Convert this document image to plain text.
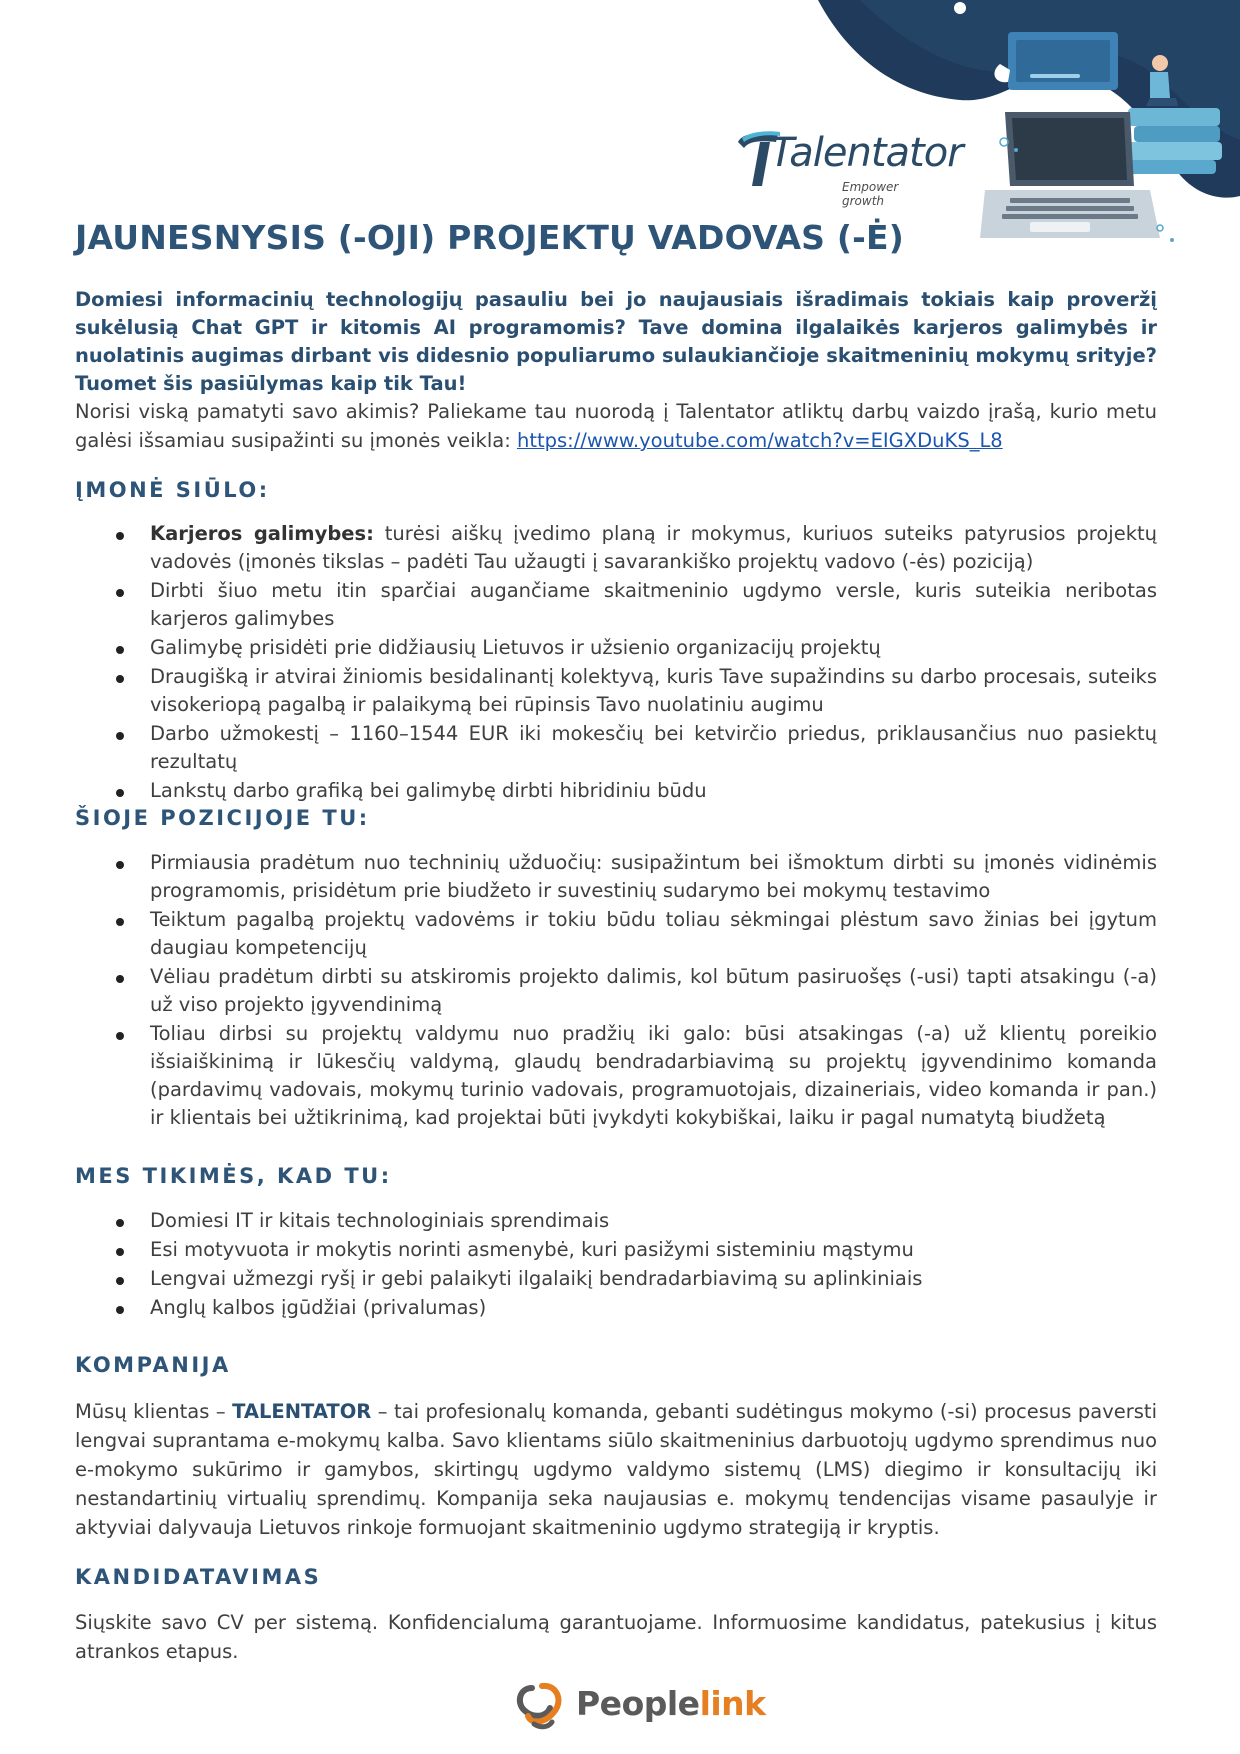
Talentator
Empower growth
JAUNESNYSIS (-OJI) PROJEKTŲ VADOVAS (-Ė)

Domiesi informacinių technologijų pasauliu bei jo naujausiais išradimais tokiais kaip proveržį sukėlusią Chat GPT ir kitomis AI programomis? Tave domina ilgalaikės karjeros galimybės ir nuolatinis augimas dirbant vis didesnio populiarumo sulaukiančioje skaitmeninių mokymų srityje? Tuomet šis pasiūlymas kaip tik Tau!

Norisi viską pamatyti savo akimis? Paliekame tau nuorodą į Talentator atliktų darbų vaizdo įrašą, kurio metu galėsi išsamiau susipažinti su įmonės veikla: https://www.youtube.com/watch?v=EIGXDuKS_L8

ĮMONĖ SIŪLO:
Karjeros galimybes: turėsi aiškų įvedimo planą ir mokymus, kuriuos suteiks patyrusios projektų vadovės (įmonės tikslas – padėti Tau užaugti į savarankiško projektų vadovo (-ės) poziciją)
Dirbti šiuo metu itin sparčiai augančiame skaitmeninio ugdymo versle, kuris suteikia neribotas karjeros galimybes
Galimybę prisidėti prie didžiausių Lietuvos ir užsienio organizacijų projektų
Draugišką ir atvirai žiniomis besidalinantį kolektyvą, kuris Tave supažindins su darbo procesais, suteiks visokeriopą pagalbą ir palaikymą bei rūpinsis Tavo nuolatiniu augimu
Darbo užmokestį – 1160–1544 EUR iki mokesčių bei ketvirčio priedus, priklausančius nuo pasiektų rezultatų
Lankstų darbo grafiką bei galimybę dirbti hibridiniu būdu
ŠIOJE POZICIJOJE TU:
Pirmiausia pradėtum nuo techninių užduočių: susipažintum bei išmoktum dirbti su įmonės vidinėmis programomis, prisidėtum prie biudžeto ir suvestinių sudarymo bei mokymų testavimo
Teiktum pagalbą projektų vadovėms ir tokiu būdu toliau sėkmingai plėstum savo žinias bei įgytum daugiau kompetencijų
Vėliau pradėtum dirbti su atskiromis projekto dalimis, kol būtum pasiruošęs (-usi) tapti atsakingu (-a) už viso projekto įgyvendinimą
Toliau dirbsi su projektų valdymu nuo pradžių iki galo: būsi atsakingas (-a) už klientų poreikio išsiaiškinimą ir lūkesčių valdymą, glaudų bendradarbiavimą su projektų įgyvendinimo komanda (pardavimų vadovais, mokymų turinio vadovais, programuotojais, dizaineriais, video komanda ir pan.) ir klientais bei užtikrinimą, kad projektai būti įvykdyti kokybiškai, laiku ir pagal numatytą biudžetą
MES TIKIMĖS, KAD TU:
Domiesi IT ir kitais technologiniais sprendimais
Esi motyvuota ir mokytis norinti asmenybė, kuri pasižymi sisteminiu mąstymu
Lengvai užmezgi ryšį ir gebi palaikyti ilgalaikį bendradarbiavimą su aplinkiniais
Anglų kalbos įgūdžiai (privalumas)
KOMPANIJA

Mūsų klientas – TALENTATOR – tai profesionalų komanda, gebanti sudėtingus mokymo (-si) procesus paversti lengvai suprantama e-mokymų kalba. Savo klientams siūlo skaitmeninius darbuotojų ugdymo sprendimus nuo e-mokymo sukūrimo ir gamybos, skirtingų ugdymo valdymo sistemų (LMS) diegimo ir konsultacijų iki nestandartinių virtualių sprendimų. Kompanija seka naujausias e. mokymų tendencijas visame pasaulyje ir aktyviai dalyvauja Lietuvos rinkoje formuojant skaitmeninio ugdymo strategiją ir kryptis.

KANDIDATAVIMAS

Siųskite savo CV per sistemą. Konfidencialumą garantuojame. Informuosime kandidatus, patekusius į kitus atrankos etapus.

Peoplelink
